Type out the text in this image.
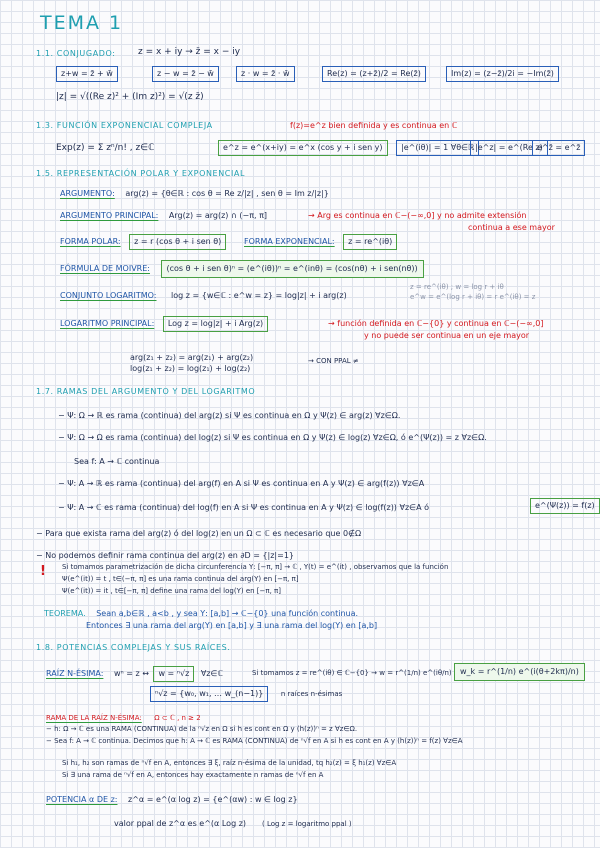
TEMA 1
1.1. CONJUGADO: z = x + iy → z̄ = x − iy
z+w = z̄ + w̄	z − w = z̄ − w̄	z · w = z̄ · w̄	Re(z) = (z+z̄)/2 = Re(z̄)	Im(z) = (z−z̄)/2i = −Im(z̄)
|z| = √((Re z)² + (Im z)²) = √(z z̄)
1.3. FUNCIÓN EXPONENCIAL COMPLEJA	f(z)=e^z bien definida y es continua en ℂ
Exp(z) = Σ zⁿ/n! , z∈ℂ	e^z = e^(x+iy) = e^x (cos y + i sen y)	|e^(iθ)| = 1 ∀θ∈ℝ |e^z| = e^(Re z)
e^z̄ = e^z̄
1.5. REPRESENTACIÓN POLAR Y EXPONENCIAL
ARGUMENTO: arg(z) = {θ∈ℝ : cos θ = Re z/|z| , sen θ = Im z/|z|}
ARGUMENTO PRINCIPAL: Arg(z) = arg(z) ∩ (−π, π]	→ Arg es continua en ℂ−(−∞,0] y no admite extensión
continua a ese mayor
FORMA POLAR: z = r (cos θ + i sen θ)	FORMA EXPONENCIAL: z = re^(iθ)
FÓRMULA DE MOIVRE: (cos θ + i sen θ)ⁿ = (e^(iθ))ⁿ = e^(inθ) = (cos(nθ) + i sen(nθ))
CONJUNTO LOGARITMO: log z = {w∈ℂ : e^w = z} = log|z| + i arg(z)
z = re^(iθ) ; w = log r + iθ
e^w = e^(log r + iθ) = r e^(iθ) = z
LOGARITMO PRINCIPAL: Log z = log|z| + i Arg(z)	→ función definida en ℂ−{0} y continua en ℂ−(−∞,0]
y no puede ser continua en un eje mayor
arg(z₁ + z₂) = arg(z₁) + arg(z₂)
log(z₁ + z₂) = log(z₁) + log(z₂)
→ CON PPAL ≠
1.7. RAMAS DEL ARGUMENTO Y DEL LOGARITMO
− Ψ: Ω → ℝ es rama (continua) del arg(z) si Ψ es continua en Ω y Ψ(z) ∈ arg(z) ∀z∈Ω.
− Ψ: Ω → Ω es rama (continua) del log(z) si Ψ es continua en Ω y Ψ(z) ∈ log(z) ∀z∈Ω, ó e^(Ψ(z)) = z ∀z∈Ω.
Sea f: A → ℂ continua
− Ψ: A → ℝ es rama (continua) del arg(f) en A si Ψ es continua en A y Ψ(z) ∈ arg(f(z)) ∀z∈A
− Ψ: A → ℂ es rama (continua) del log(f) en A si Ψ es continua en A y Ψ(z) ∈ log(f(z)) ∀z∈A ó	e^(Ψ(z)) = f(z)
− Para que exista rama del arg(z) ó del log(z) en un Ω ⊂ ℂ es necesario que 0∉Ω
− No podemos definir rama continua del arg(z) en ∂D = {|z|=1}
! Si tomamos parametrización de dicha circunferencia Υ: [−π, π] → ℂ , Υ(t) = e^(it) , observamos que la función
Ψ(e^(it)) = t , t∈(−π, π] es una rama continua del arg(Υ) en [−π, π]
Ψ(e^(it)) = it , t∈[−π, π] define una rama del log(Υ) en [−π, π]
TEOREMA. Sean a,b∈ℝ , a<b , y sea Υ: [a,b] → ℂ−{0} una función continua.
Entonces ∃ una rama del arg(Υ) en [a,b] y ∃ una rama del log(Υ) en [a,b]
1.8. POTENCIAS COMPLEJAS Y SUS RAÍCES.
RAÍZ N-ÉSIMA: wⁿ = z ↔ w = ⁿ√z ∀z∈ℂ	Si tomamos z = re^(iθ) ∈ ℂ−{0} → w = r^(1/n) e^(iθ/n)	w_k = r^(1/n) e^(i(θ+2kπ)/n)
ⁿ√z = {w₀, w₁, … w_(n−1)}	n raíces n-ésimas
RAMA DE LA RAÍZ N-ÉSIMA: Ω ⊂ ℂ , n ≥ 2
− h: Ω → ℂ es una RAMA (CONTINUA) de la ⁿ√z en Ω si h es cont en Ω y (h(z))ⁿ = z ∀z∈Ω.
− Sea f: A → ℂ continua. Decimos que h: A → ℂ es RAMA (CONTINUA) de ⁿ√f en A si h es cont en A y (h(z))ⁿ = f(z) ∀z∈A
Si h₁, h₂ son ramas de ⁿ√f en A, entonces ∃ ξ, raíz n-ésima de la unidad, tq h₂(z) = ξ h₁(z) ∀z∈A
Si ∃ una rama de ⁿ√f en A, entonces hay exactamente n ramas de ⁿ√f en A
POTENCIA α DE z: z^α = e^(α log z) = {e^(αw) : w ∈ log z}
valor ppal de z^α es e^(α Log z) ( Log z = logaritmo ppal )
